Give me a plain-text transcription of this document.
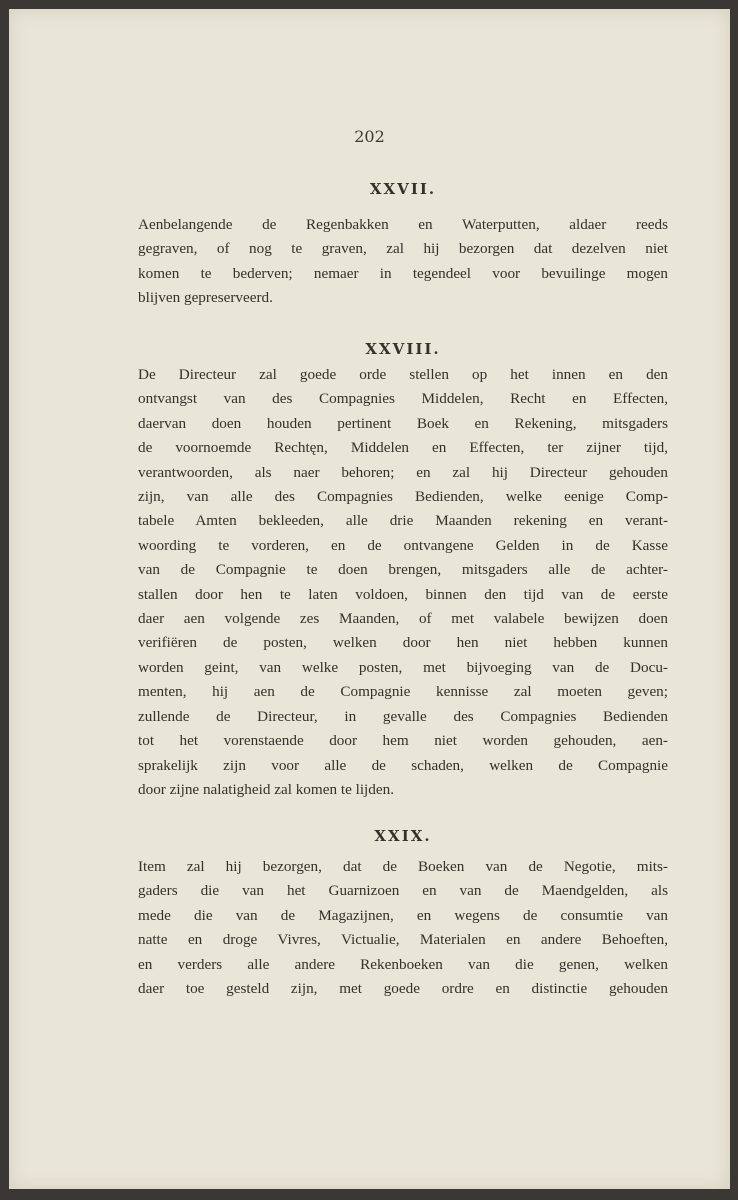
202
XXVII.
Aenbelangende de Regenbakken en Waterputten, aldaer reeds
gegraven, of nog te graven, zal hij bezorgen dat dezelven niet
komen te bederven; nemaer in tegendeel voor bevuilinge mogen
blijven gepreserveerd.
XXVIII.
De Directeur zal goede orde stellen op het innen en den
ontvangst van des Compagnies Middelen, Recht en Effecten,
daervan doen houden pertinent Boek en Rekening, mitsgaders
de voornoemde Rechtęn, Middelen en Effecten, ter zijner tijd,
verantwoorden, als naer behoren; en zal hij Directeur gehouden
zijn, van alle des Compagnies Bedienden, welke eenige Comp-
tabele Amten bekleeden, alle drie Maanden rekening en verant-
woording te vorderen, en de ontvangene Gelden in de Kasse
van de Compagnie te doen brengen, mitsgaders alle de achter-
stallen door hen te laten voldoen, binnen den tijd van de eerste
daer aen volgende zes Maanden, of met valabele bewijzen doen
verifiëren de posten, welken door hen niet hebben kunnen
worden geint, van welke posten, met bijvoeging van de Docu-
menten, hij aen de Compagnie kennisse zal moeten geven;
zullende de Directeur, in gevalle des Compagnies Bedienden
tot het vorenstaende door hem niet worden gehouden, aen-
sprakelijk zijn voor alle de schaden, welken de Compagnie
door zijne nalatigheid zal komen te lijden.
XXIX.
Item zal hij bezorgen, dat de Boeken van de Negotie, mits-
gaders die van het Guarnizoen en van de Maendgelden, als
mede die van de Magazijnen, en wegens de consumtie van
natte en droge Vivres, Victualie, Materialen en andere Behoeften,
en verders alle andere Rekenboeken van die genen, welken
daer toe gesteld zijn, met goede ordre en distinctie gehouden
